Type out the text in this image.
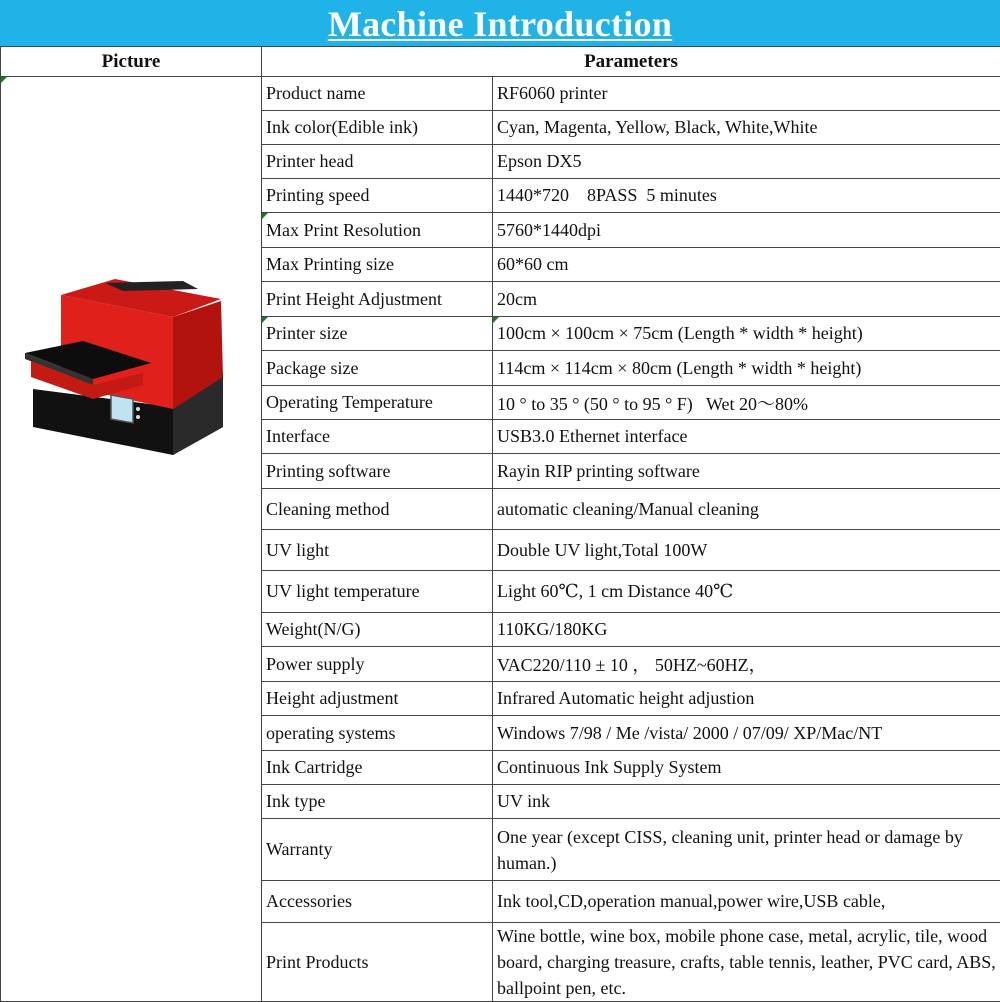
Machine Introduction
Picture	Parameters	

	Product name	RF6060 printer
	Ink color(Edible ink)	Cyan, Magenta, Yellow, Black, White,White
	Printer head	Epson DX5
	Printing speed	1440*720    8PASS  5 minutes

Max Print Resolution	5760*1440dpi
	Max Printing size	60*60 cm
	Print Height Adjustment	20cm

Printer size	100cm × 100cm × 75cm (Length * width * height)
	Package size	114cm × 114cm × 80cm (Length * width * height)
	Operating Temperature	10 ° to 35 ° (50 ° to 95 ° F)   Wet 20～80%
	Interface	USB3.0 Ethernet interface
	Printing software	Rayin RIP printing software
	Cleaning method	automatic cleaning/Manual cleaning
	UV light	Double UV light,Total 100W
	UV light temperature	Light 60℃, 1 cm Distance 40℃
	Weight(N/G)	110KG/180KG
	Power supply	VAC220/110 ± 10 ， 50HZ~60HZ，
	Height adjustment	Infrared Automatic height adjustion
	operating systems	Windows 7/98 / Me /vista/ 2000 / 07/09/ XP/Mac/NT
	Ink Cartridge	Continuous Ink Supply System
	Ink type	UV ink
	Warranty	One year (except CISS, cleaning unit, printer head or damage by human.)
	Accessories	Ink tool,CD,operation manual,power wire,USB cable,
	Print Products	Wine bottle, wine box, mobile phone case, metal, acrylic, tile, wood board, charging treasure, crafts, table tennis, leather, PVC card, ABS, ballpoint pen, etc.
